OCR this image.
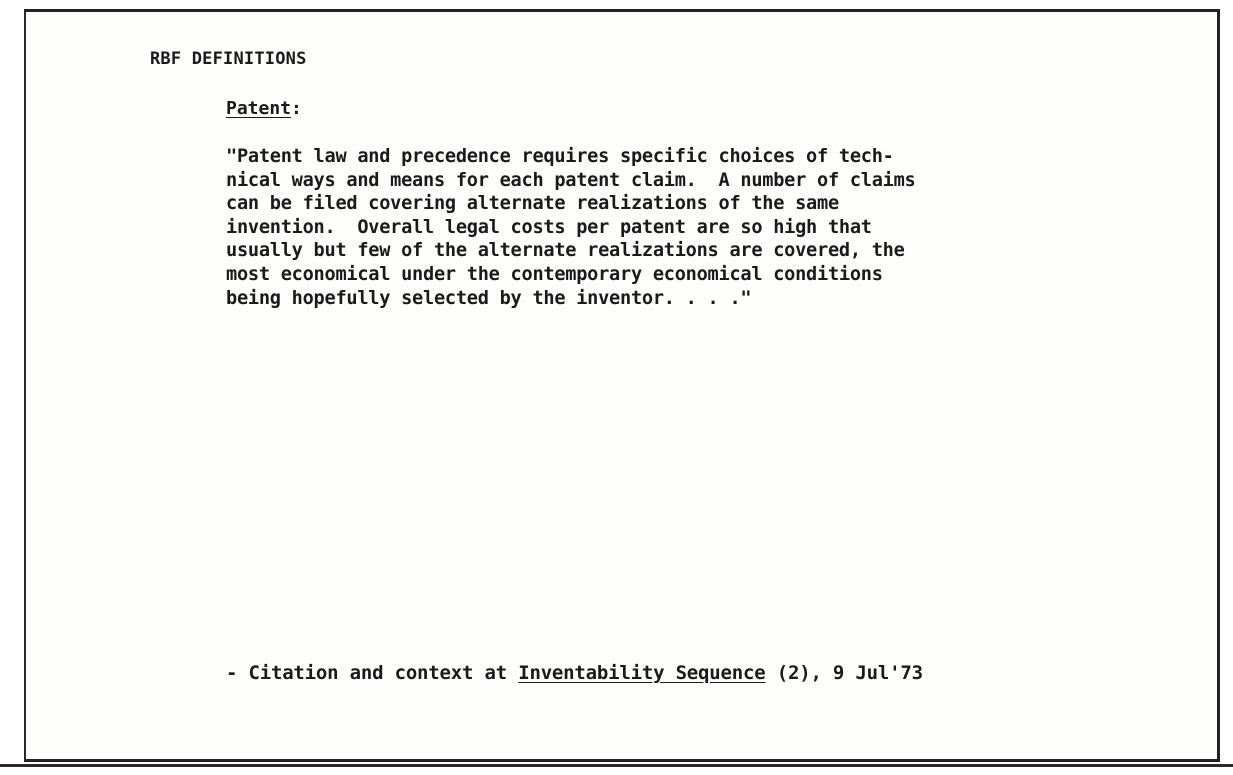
RBF DEFINITIONS
Patent:
"Patent law and precedence requires specific choices of tech-
nical ways and means for each patent claim.  A number of claims
can be filed covering alternate realizations of the same
invention.  Overall legal costs per patent are so high that
usually but few of the alternate realizations are covered, the
most economical under the contemporary economical conditions
being hopefully selected by the inventor. . . ."
- Citation and context at Inventability Sequence (2), 9 Jul'73
